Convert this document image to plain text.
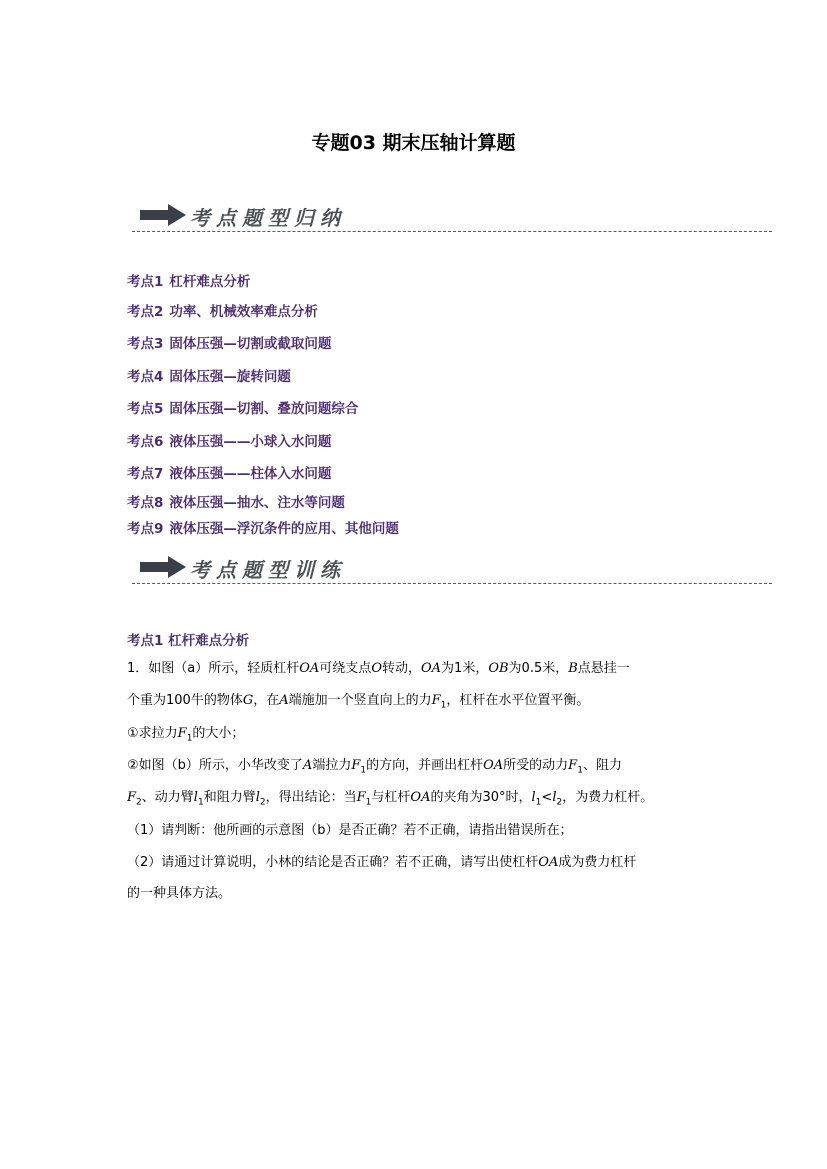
专题03 期末压轴计算题
考点题型归纳
考点1 杠杆难点分析
考点2 功率、机械效率难点分析
考点3 固体压强—切割或截取问题
考点4 固体压强—旋转问题
考点5 固体压强—切割、叠放问题综合
考点6 液体压强——小球入水问题
考点7 液体压强——柱体入水问题
考点8 液体压强—抽水、注水等问题
考点9 液体压强—浮沉条件的应用、其他问题
考点题型训练
考点1 杠杆难点分析
1．如图（a）所示，轻质杠杆OA可绕支点O转动，OA为1米，OB为0.5米，B点悬挂一
个重为100牛的物体G，在A端施加一个竖直向上的力$F_1$，杠杆在水平位置平衡。
①求拉力$F_1$的大小；
②如图（b）所示，小华改变了A端拉力$F_1$的方向，并画出杠杆OA所受的动力$F_1$、阻力
$F_2$、动力臂$l_1$和阻力臂$l_2$，得出结论：当$F_1$与杠杆OA的夹角为30°时，$l_1<l_2$，为费力杠杆。
（1）请判断：他所画的示意图（b）是否正确？若不正确，请指出错误所在；
（2）请通过计算说明，小林的结论是否正确？若不正确，请写出使杠杆OA成为费力杠杆
的一种具体方法。
